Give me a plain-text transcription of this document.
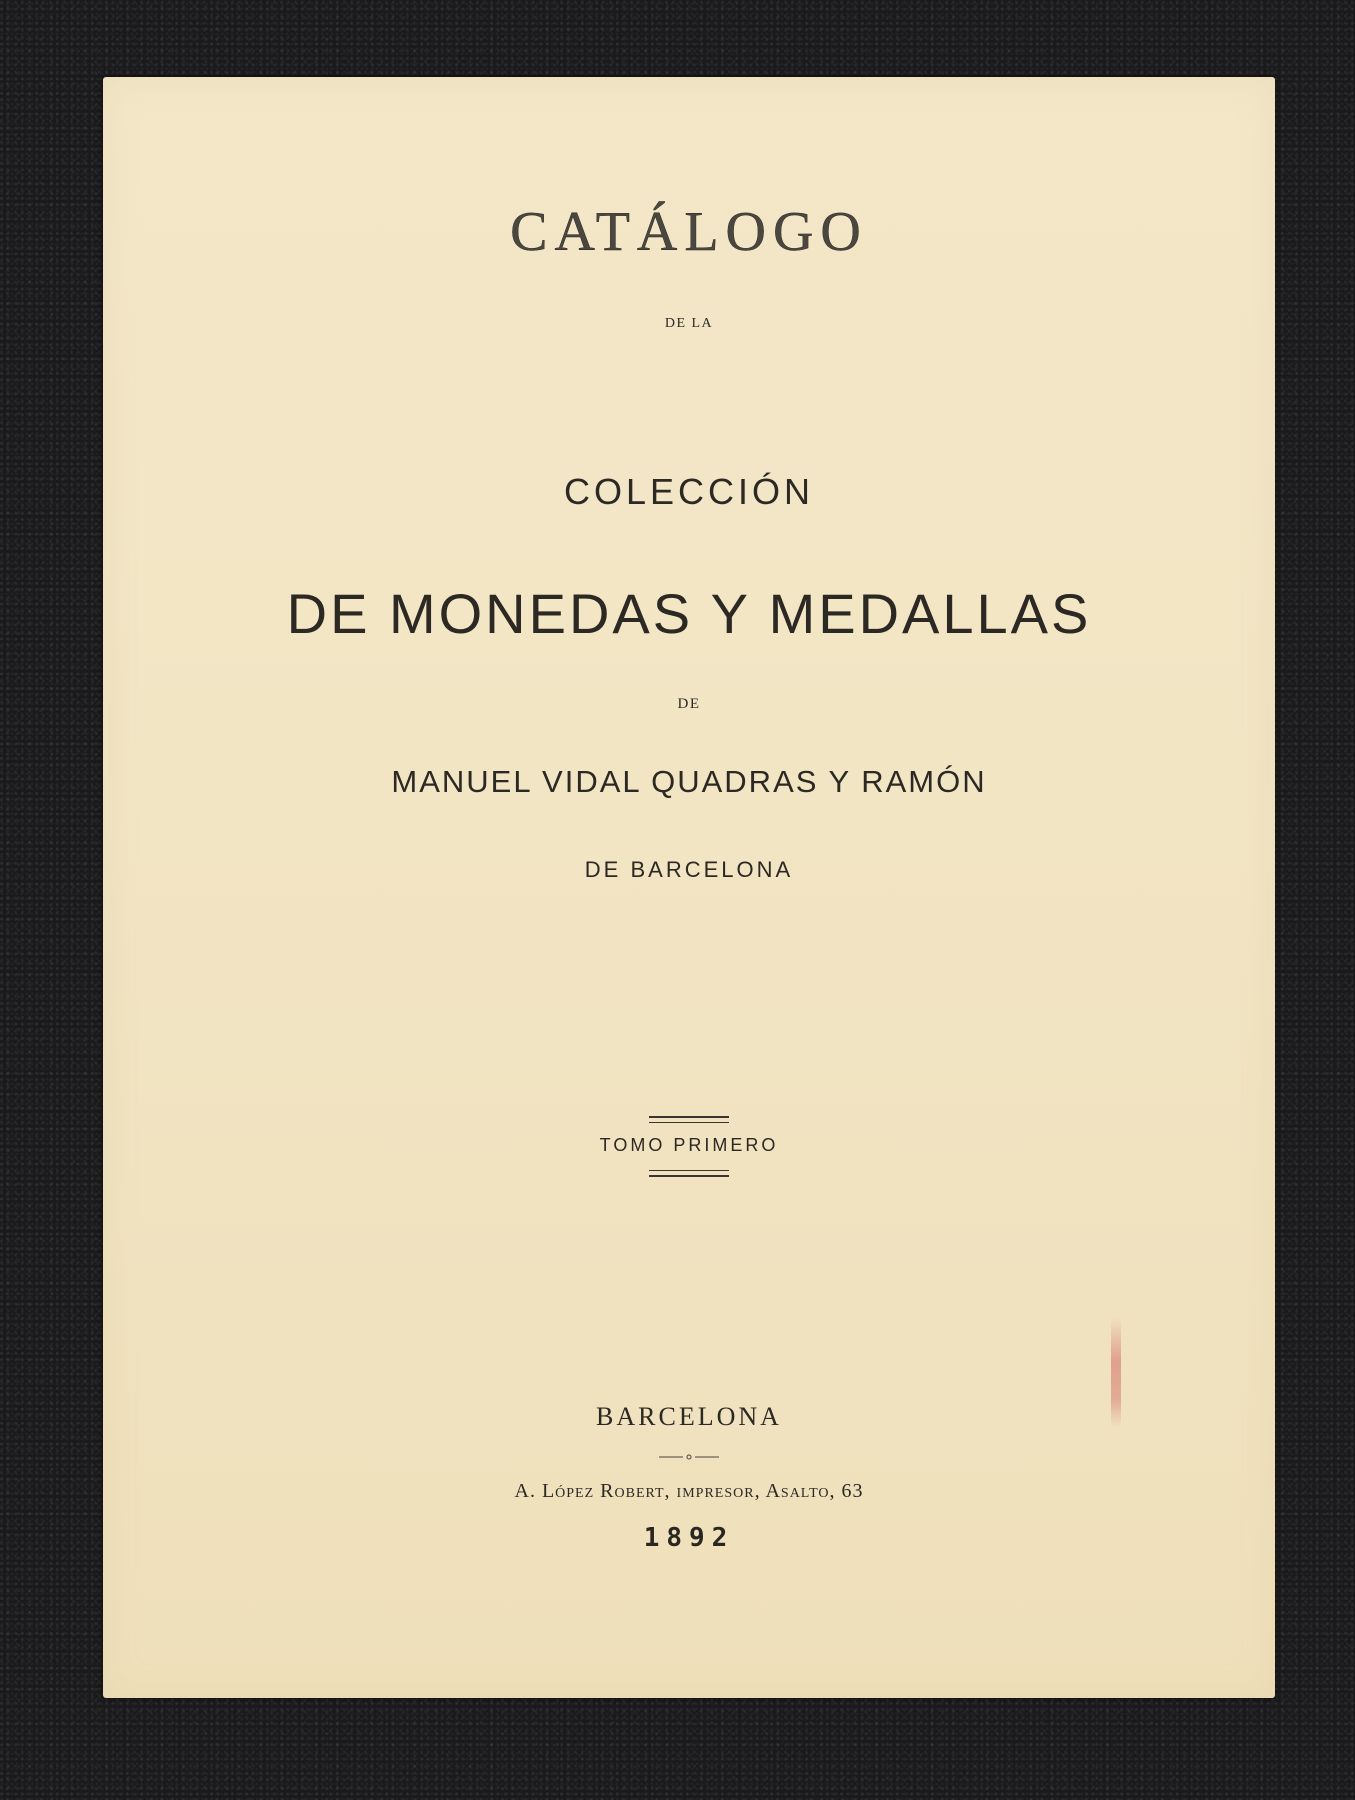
CATÁLOGO
DE LA
COLECCIÓN
DE MONEDAS Y MEDALLAS
DE
MANUEL VIDAL QUADRAS Y RAMÓN
DE BARCELONA
TOMO PRIMERO
BARCELONA
A. López Robert, impresor, Asalto, 63
1892
